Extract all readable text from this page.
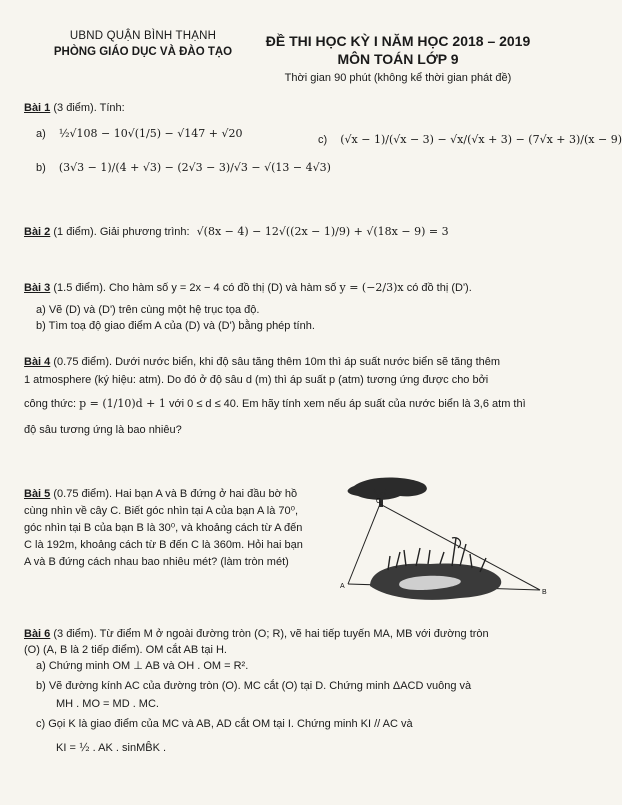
UBND QUẬN BÌNH THẠNH
PHÒNG GIÁO DỤC VÀ ĐÀO TẠO
ĐỀ THI HỌC KỲ I NĂM HỌC 2018 – 2019
MÔN TOÁN LỚP 9
Thời gian 90 phút (không kể thời gian phát đề)
Bài 1 (3 điểm). Tính:
a) ½√108 − 10√(1/5) − √147 + √20
b) (3√3 − 1)/(4 + √3) − (2√3 − 3)/√3 − √(13 − 4√3)
c) (√x − 1)/(√x − 3) − √x/(√x + 3) − (7√x + 3)/(x − 9)
Bài 2 (1 điểm). Giải phương trình: √(8x − 4) − 12√((2x − 1)/9) + √(18x − 9) = 3
Bài 3 (1.5 điểm). Cho hàm số y = 2x − 4 có đồ thị (D) và hàm số y = (−2/3)x có đồ thị (D').
a) Vẽ (D) và (D') trên cùng một hệ trục tọa độ.
b) Tìm toạ độ giao điểm A của (D) và (D') bằng phép tính.
Bài 4 (0.75 điểm). Dưới nước biển, khi độ sâu tăng thêm 10m thì áp suất nước biển sẽ tăng thêm
1 atmosphere (ký hiệu: atm). Do đó ở độ sâu d (m) thì áp suất p (atm) tương ứng được cho bởi
công thức: p = (1/10)d + 1 với 0 ≤ d ≤ 40. Em hãy tính xem nếu áp suất của nước biển là 3,6 atm thì
độ sâu tương ứng là bao nhiêu?
Bài 5 (0.75 điểm). Hai bạn A và B đứng ở hai đầu bờ hồ
cùng nhìn về cây C. Biết góc nhìn tại A của bạn A là 70⁰,
góc nhìn tại B của bạn B là 30⁰, và khoảng cách từ A đến
C là 192m, khoảng cách từ B đến C là 360m. Hỏi hai bạn
A và B đứng cách nhau bao nhiêu mét? (làm tròn mét)
C
A
B
Bài 6 (3 điểm). Từ điểm M ở ngoài đường tròn (O; R), vẽ hai tiếp tuyến MA, MB với đường tròn
(O) (A, B là 2 tiếp điểm). OM cắt AB tại H.
a) Chứng minh OM ⊥ AB và OH . OM = R².
b) Vẽ đường kính AC của đường tròn (O). MC cắt (O) tại D. Chứng minh ΔACD vuông và
MH . MO = MD . MC.
c) Gọi K là giao điểm của MC và AB, AD cắt OM tại I. Chứng minh KI // AC và
KI = ½ . AK . sinMB̂K .
